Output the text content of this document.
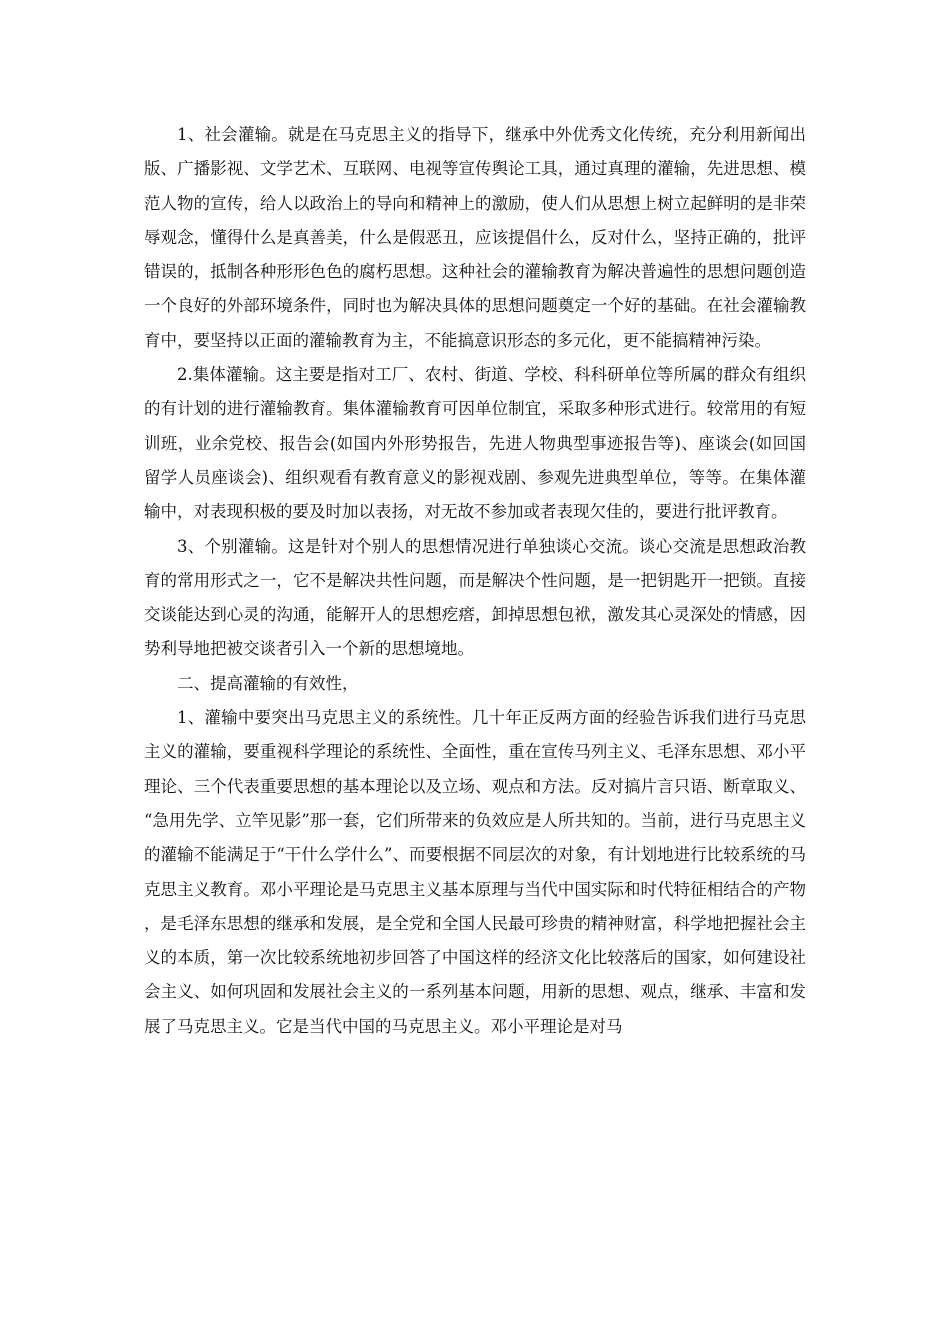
1、社会灌输。就是在马克思主义的指导下，继承中外优秀文化传统，充分利用新闻出版、广播影视、文学艺术、互联网、电视等宣传舆论工具，通过真理的灌输，先进思想、模范人物的宣传，给人以政治上的导向和精神上的激励，使人们从思想上树立起鲜明的是非荣辱观念，懂得什么是真善美，什么是假恶丑，应该提倡什么，反对什么，坚持正确的，批评错误的，抵制各种形形色色的腐朽思想。这种社会的灌输教育为解决普遍性的思想问题创造一个良好的外部环境条件，同时也为解决具体的思想问题奠定一个好的基础。在社会灌输教育中，要坚持以正面的灌输教育为主，不能搞意识形态的多元化，更不能搞精神污染。

2.集体灌输。这主要是指对工厂、农村、街道、学校、科科研单位等所属的群众有组织的有计划的进行灌输教育。集体灌输教育可因单位制宜，采取多种形式进行。较常用的有短训班，业余党校、报告会(如国内外形势报告，先进人物典型事迹报告等)、座谈会(如回国留学人员座谈会)、组织观看有教育意义的影视戏剧、参观先进典型单位，等等。在集体灌输中，对表现积极的要及时加以表扬，对无故不参加或者表现欠佳的，要进行批评教育。

3、个别灌输。这是针对个别人的思想情况进行单独谈心交流。谈心交流是思想政治教育的常用形式之一，它不是解决共性问题，而是解决个性问题，是一把钥匙开一把锁。直接交谈能达到心灵的沟通，能解开人的思想疙瘩，卸掉思想包袱，激发其心灵深处的情感，因势利导地把被交谈者引入一个新的思想境地。

二、提高灌输的有效性，

1、灌输中要突出马克思主义的系统性。几十年正反两方面的经验告诉我们进行马克思主义的灌输，要重视科学理论的系统性、全面性，重在宣传马列主义、毛泽东思想、邓小平理论、三个代表重要思想的基本理论以及立场、观点和方法。反对搞片言只语、断章取义、“急用先学、立竿见影”那一套，它们所带来的负效应是人所共知的。当前，进行马克思主义的灌输不能满足于“干什么学什么”、而要根据不同层次的对象，有计划地进行比较系统的马克思主义教育。邓小平理论是马克思主义基本原理与当代中国实际和时代特征相结合的产物，是毛泽东思想的继承和发展，是全党和全国人民最可珍贵的精神财富，科学地把握社会主义的本质，第一次比较系统地初步回答了中国这样的经济文化比较落后的国家，如何建设社会主义、如何巩固和发展社会主义的一系列基本问题，用新的思想、观点，继承、丰富和发展了马克思主义。它是当代中国的马克思主义。邓小平理论是对马
